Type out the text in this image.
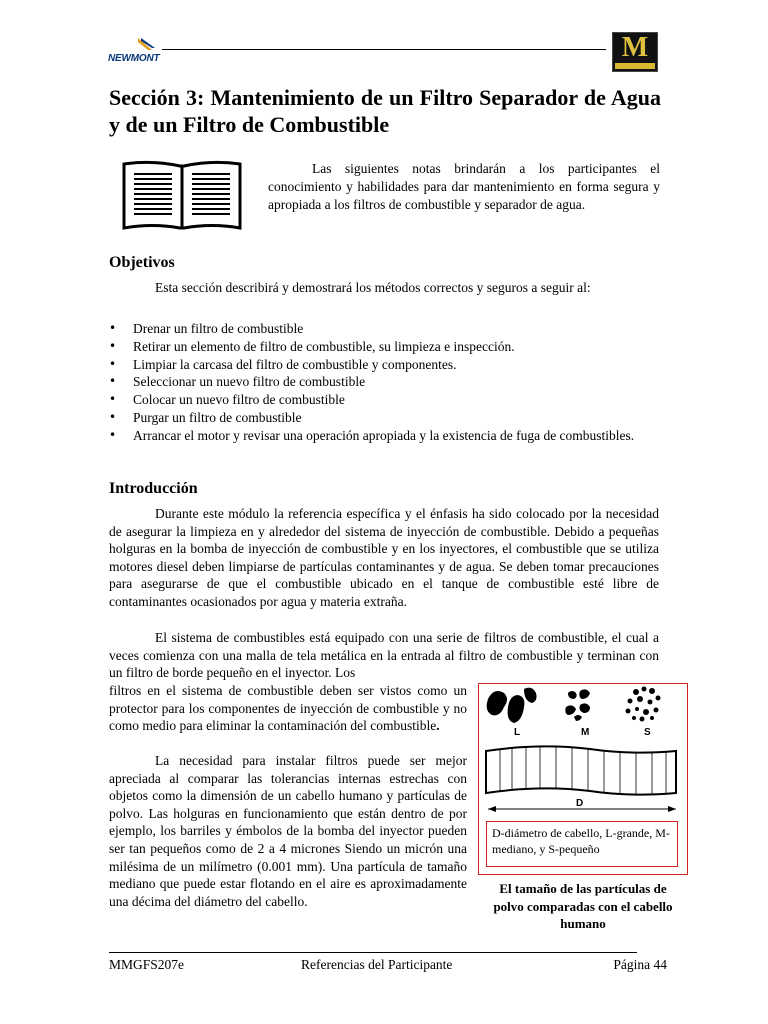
NEWMONT	M
Sección 3: Mantenimiento de un Filtro Separador de Agua y de un Filtro de Combustible

Las siguientes notas brindarán a los participantes el conocimiento y habilidades para dar mantenimiento en forma segura y apropiada a los filtros de combustible y separador de agua.

Objetivos

Esta sección describirá y demostrará los métodos correctos y seguros a seguir al:

• Drenar un filtro de combustible
• Retirar un elemento de filtro de combustible, su limpieza e inspección.
• Limpiar la carcasa del filtro de combustible y componentes.
• Seleccionar un nuevo filtro de combustible
• Colocar un nuevo filtro de combustible
• Purgar un filtro de combustible
• Arrancar el motor y revisar una operación apropiada y la existencia de fuga de combustibles.
Introducción

Durante este módulo la referencia específica y el énfasis ha sido colocado por la necesidad de asegurar la limpieza en y alrededor del sistema de inyección de combustible. Debido a pequeñas holguras en la bomba de inyección de combustible y en los inyectores, el combustible que se utiliza motores diesel deben limpiarse de partículas contaminantes y de agua. Se deben tomar precauciones para asegurarse de que el combustible ubicado en el tanque de combustible esté libre de contaminantes ocasionados por agua y materia extraña.

El sistema de combustibles está equipado con una serie de filtros de combustible, el cual a veces comienza con una malla de tela metálica en la entrada al filtro de combustible y terminan con un filtro de borde pequeño en el inyector. Los

filtros en el sistema de combustible deben ser vistos como un protector para los componentes de inyección de combustible y no como medio para eliminar la contaminación del combustible.

La necesidad para instalar filtros puede ser mejor apreciada al comparar las tolerancias internas estrechas con objetos como la dimensión de un cabello humano y partículas de polvo. Las holguras en funcionamiento que están dentro de por ejemplo, los barriles y émbolos de la bomba del inyector pueden ser tan pequeños como de 2 a 4 micrones Siendo un micrón una milésima de un milímetro (0.001 mm). Una partícula de tamaño mediano que puede estar flotando en el aire es aproximadamente una décima del diámetro del cabello.

L	M	S
D
D-diámetro de cabello, L-grande, M-mediano, y S-pequeño

El tamaño de las partículas de polvo comparadas con el cabello humano

MMGFS207e	Referencias del Participante	Página 44
